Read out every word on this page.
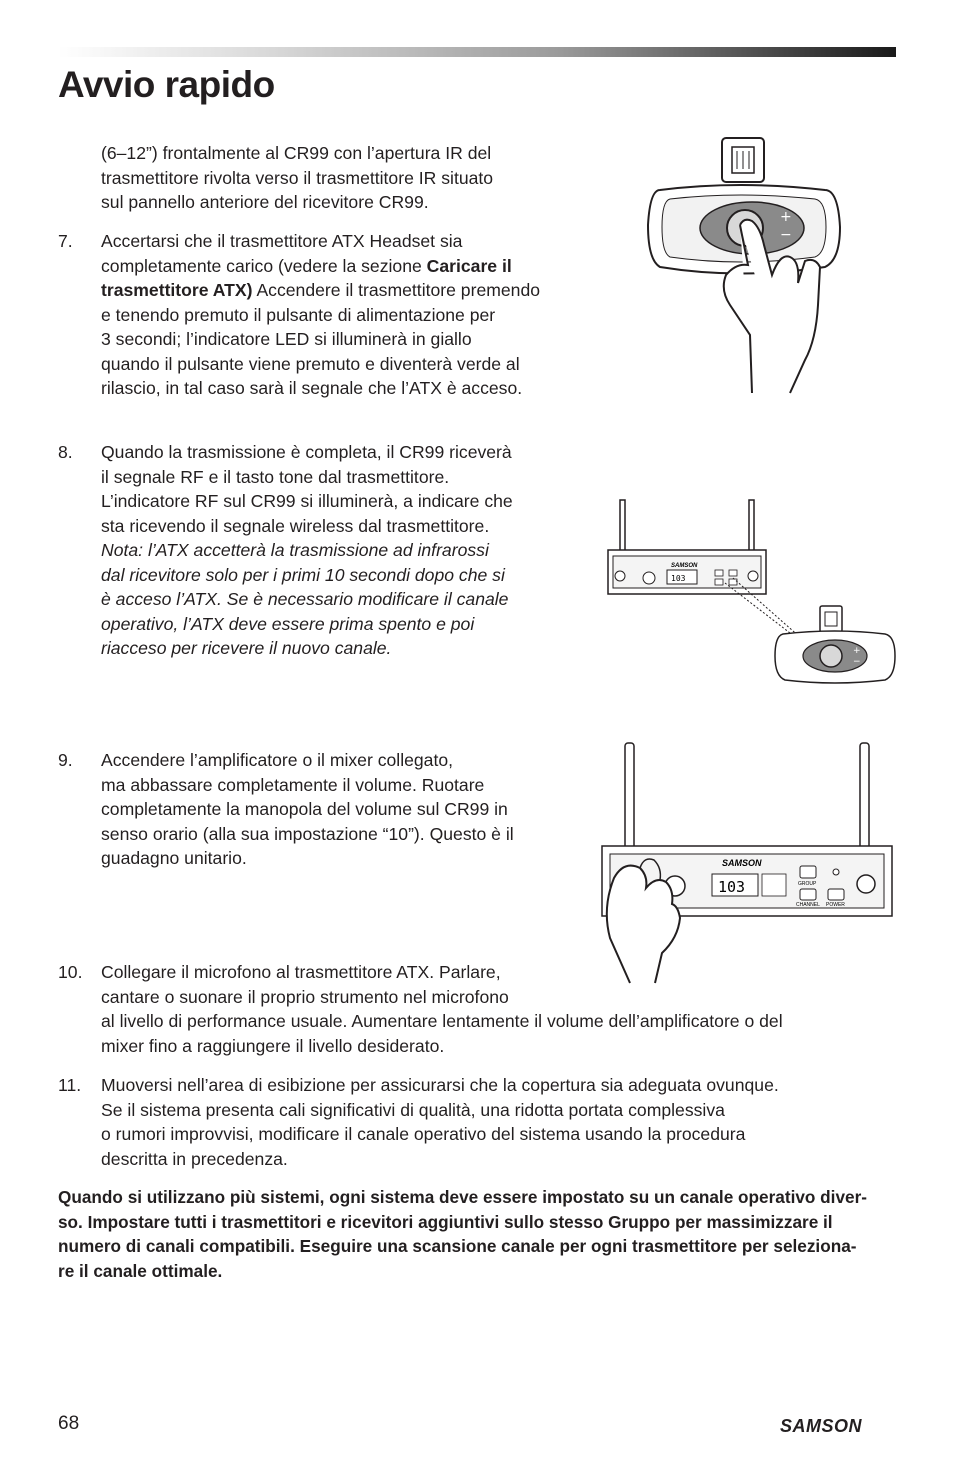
Avvio rapido
(6–12”) frontalmente al CR99 con l’apertura IR del
trasmettitore rivolta verso il trasmettitore IR situato
sul pannello anteriore del ricevitore CR99.
7. Accertarsi che il trasmettitore ATX Headset sia
completamente carico (vedere la sezione Caricare il
trasmettitore ATX) Accendere il trasmettitore premendo
e tenendo premuto il pulsante di alimentazione per
3 secondi; l’indicatore LED si illuminerà in giallo
quando il pulsante viene premuto e diventerà verde al
rilascio, in tal caso sarà il segnale che l’ATX è acceso.
8. Quando la trasmissione è completa, il CR99 riceverà
il segnale RF e il tasto tone dal trasmettitore.
L’indicatore RF sul CR99 si illuminerà, a indicare che
sta ricevendo il segnale wireless dal trasmettitore.
Nota: l’ATX accetterà la trasmissione ad infrarossi
dal ricevitore solo per i primi 10 secondi dopo che si
è acceso l’ATX. Se è necessario modificare il canale
operativo, l’ATX deve essere prima spento e poi
riacceso per ricevere il nuovo canale.
9. Accendere l’amplificatore o il mixer collegato,
ma abbassare completamente il volume. Ruotare
completamente la manopola del volume sul CR99 in
senso orario (alla sua impostazione “10”). Questo è il
guadagno unitario.
10. Collegare il microfono al trasmettitore ATX. Parlare,
cantare o suonare il proprio strumento nel microfono
al livello di performance usuale. Aumentare lentamente il volume dell’amplificatore o del
mixer fino a raggiungere il livello desiderato.
11. Muoversi nell’area di esibizione per assicurarsi che la copertura sia adeguata ovunque.
Se il sistema presenta cali significativi di qualità, una ridotta portata complessiva
o rumori improvvisi, modificare il canale operativo del sistema usando la procedura
descritta in precedenza.
Quando si utilizzano più sistemi, ogni sistema deve essere impostato su un canale operativo diver-
so. Impostare tutti i trasmettitori e ricevitori aggiuntivi sullo stesso Gruppo per massimizzare il
numero di canali compatibili. Eseguire una scansione canale per ogni trasmettitore per seleziona-
re il canale ottimale.
+
−
SAMSON
103
+
−
SAMSON
103	GROUP
CHANNEL POWER
68	SAMSON
